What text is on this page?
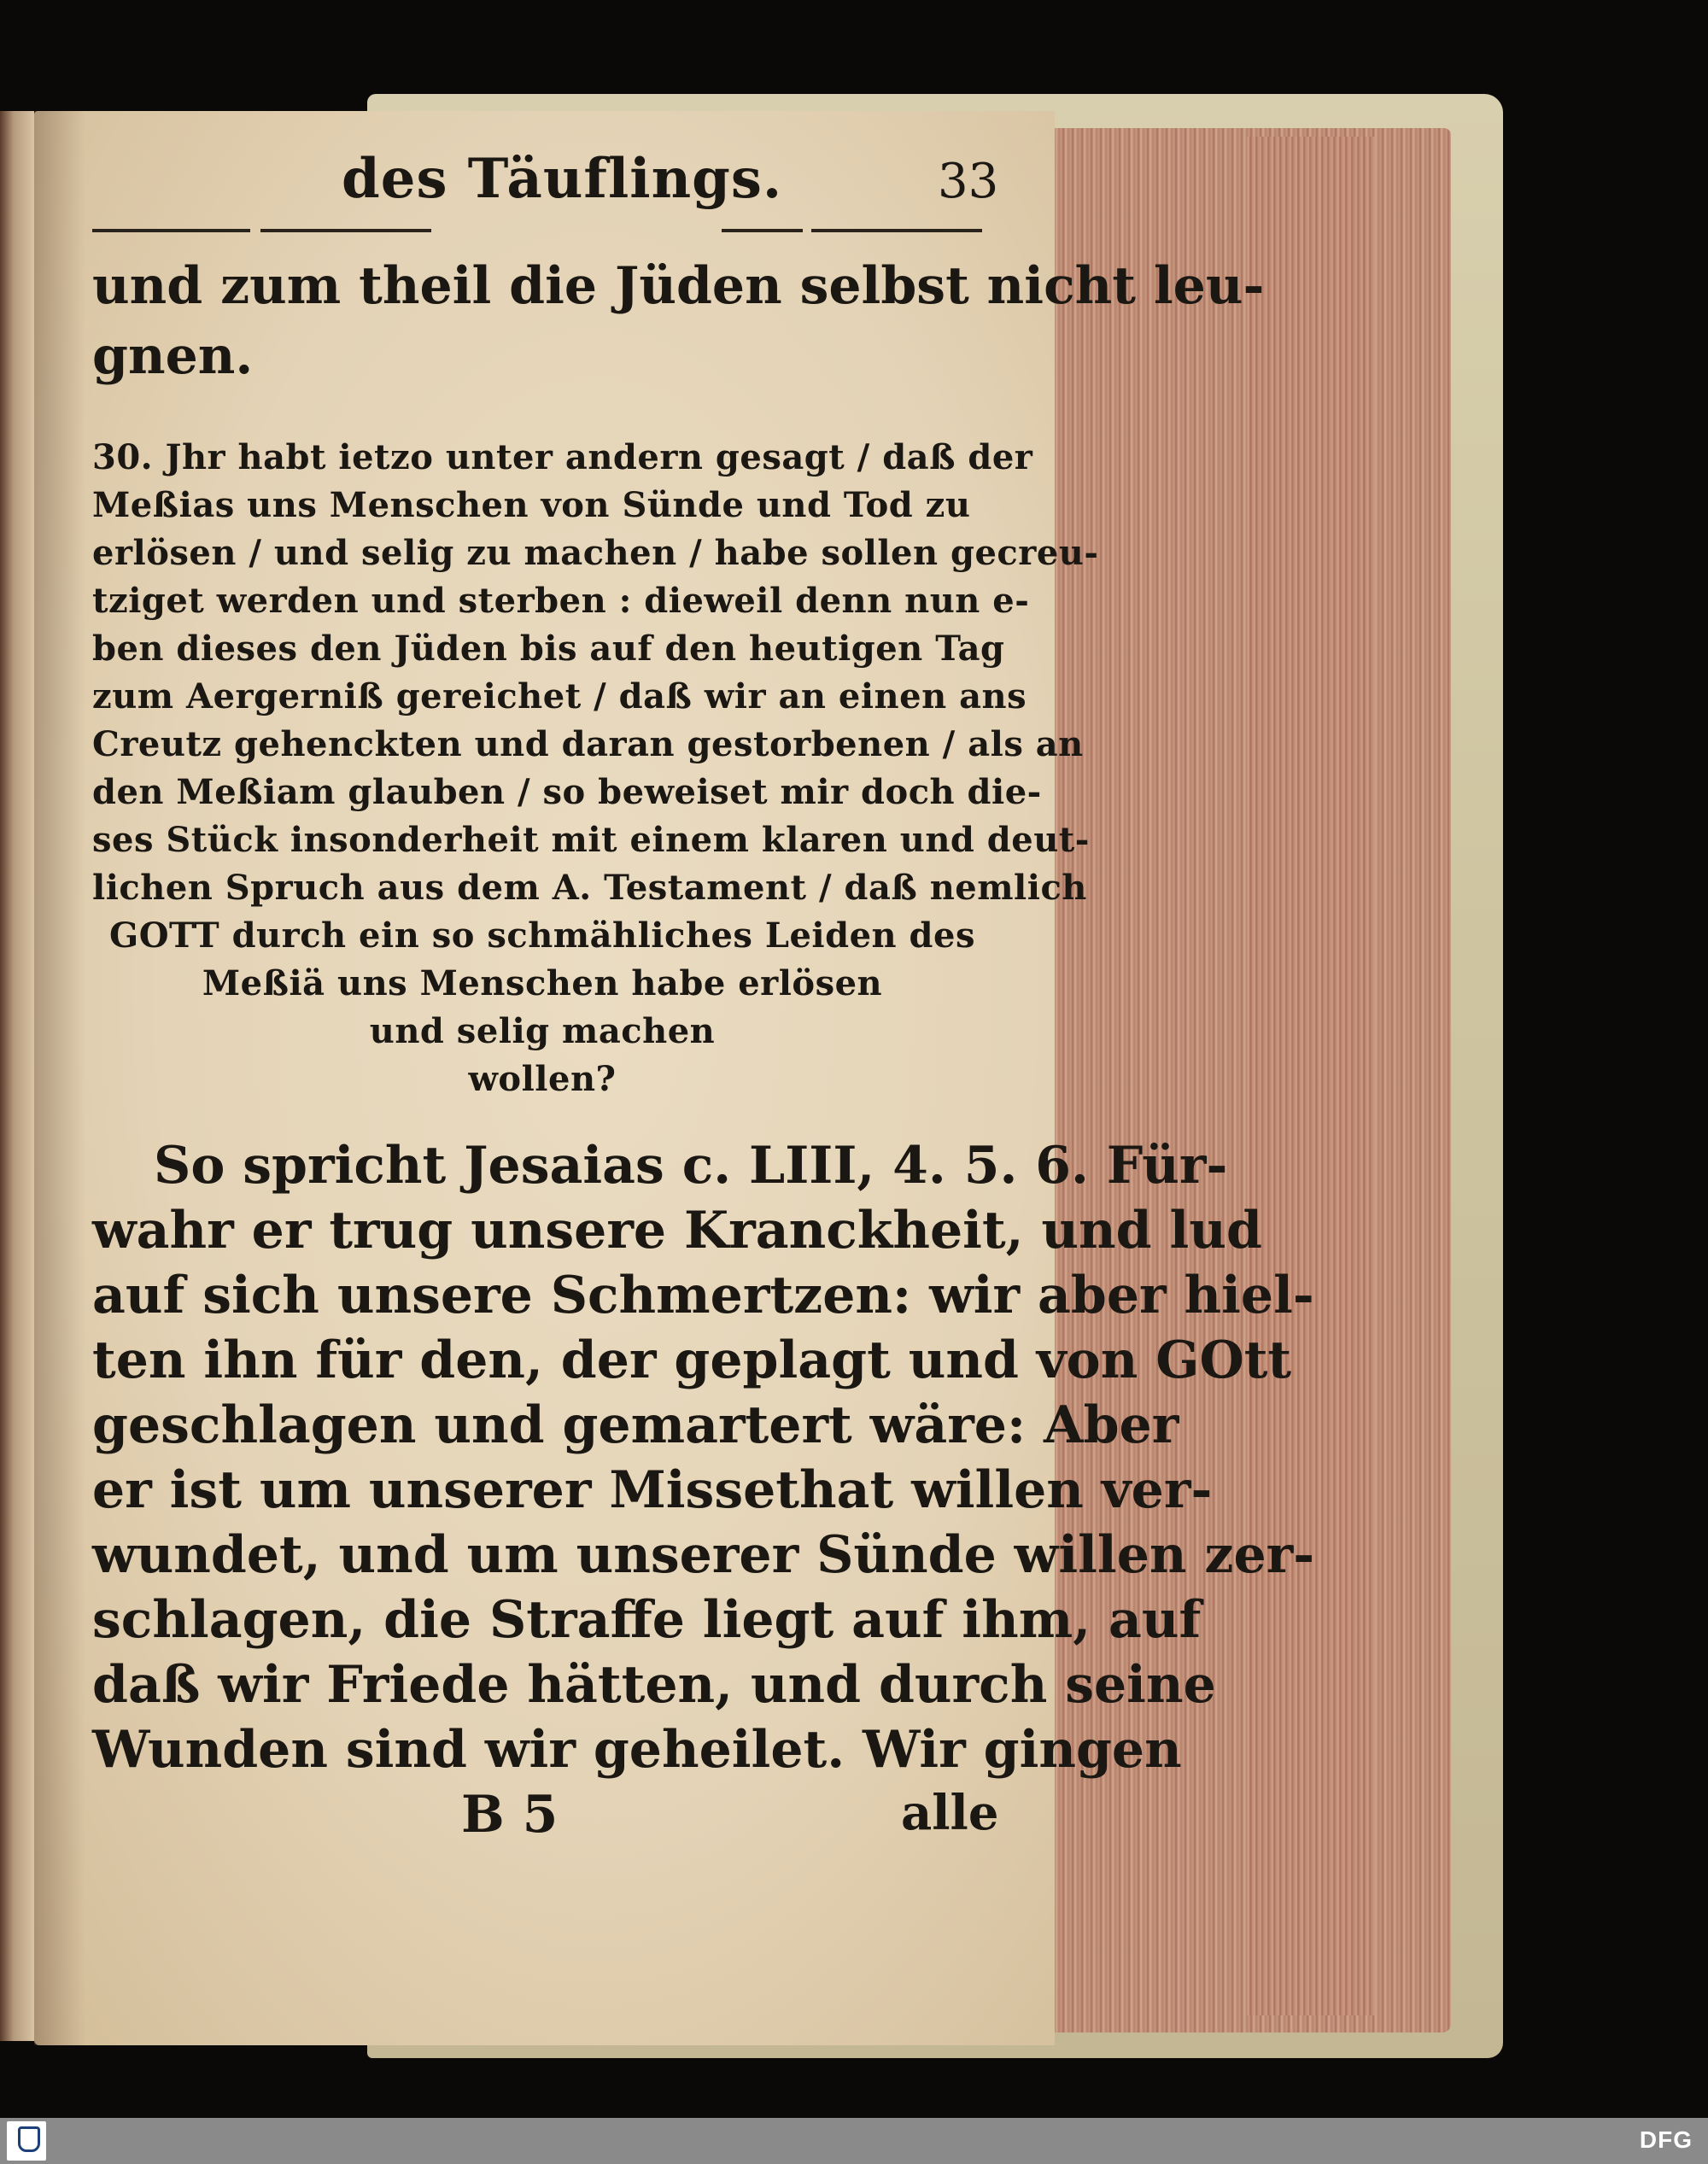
des Täuflings.	33
und zum theil die Jüden selbst nicht leu-
gnen.
30. Jhr habt ietzo unter andern gesagt / daß der
Meßias uns Menschen von Sünde und Tod zu
erlösen / und selig zu machen / habe sollen gecreu-
tziget werden und sterben : dieweil denn nun e-
ben dieses den Jüden bis auf den heutigen Tag
zum Aergerniß gereichet / daß wir an einen ans
Creutz gehenckten und daran gestorbenen / als an
den Meßiam glauben / so beweiset mir doch die-
ses Stück insonderheit mit einem klaren und deut-
lichen Spruch aus dem A. Testament / daß nemlich
GOTT durch ein so schmähliches Leiden des
Meßiä uns Menschen habe erlösen
und selig machen
wollen?
So spricht Jesaias c. LIII, 4. 5. 6. Für-
wahr er trug unsere Kranckheit, und lud
auf sich unsere Schmertzen: wir aber hiel-
ten ihn für den, der geplagt und von GOtt
geschlagen und gemartert wäre: Aber
er ist um unserer Missethat willen ver-
wundet, und um unserer Sünde willen zer-
schlagen, die Straffe liegt auf ihm, auf
daß wir Friede hätten, und durch seine
Wunden sind wir geheilet. Wir gingen
B 5	alle
DFG
